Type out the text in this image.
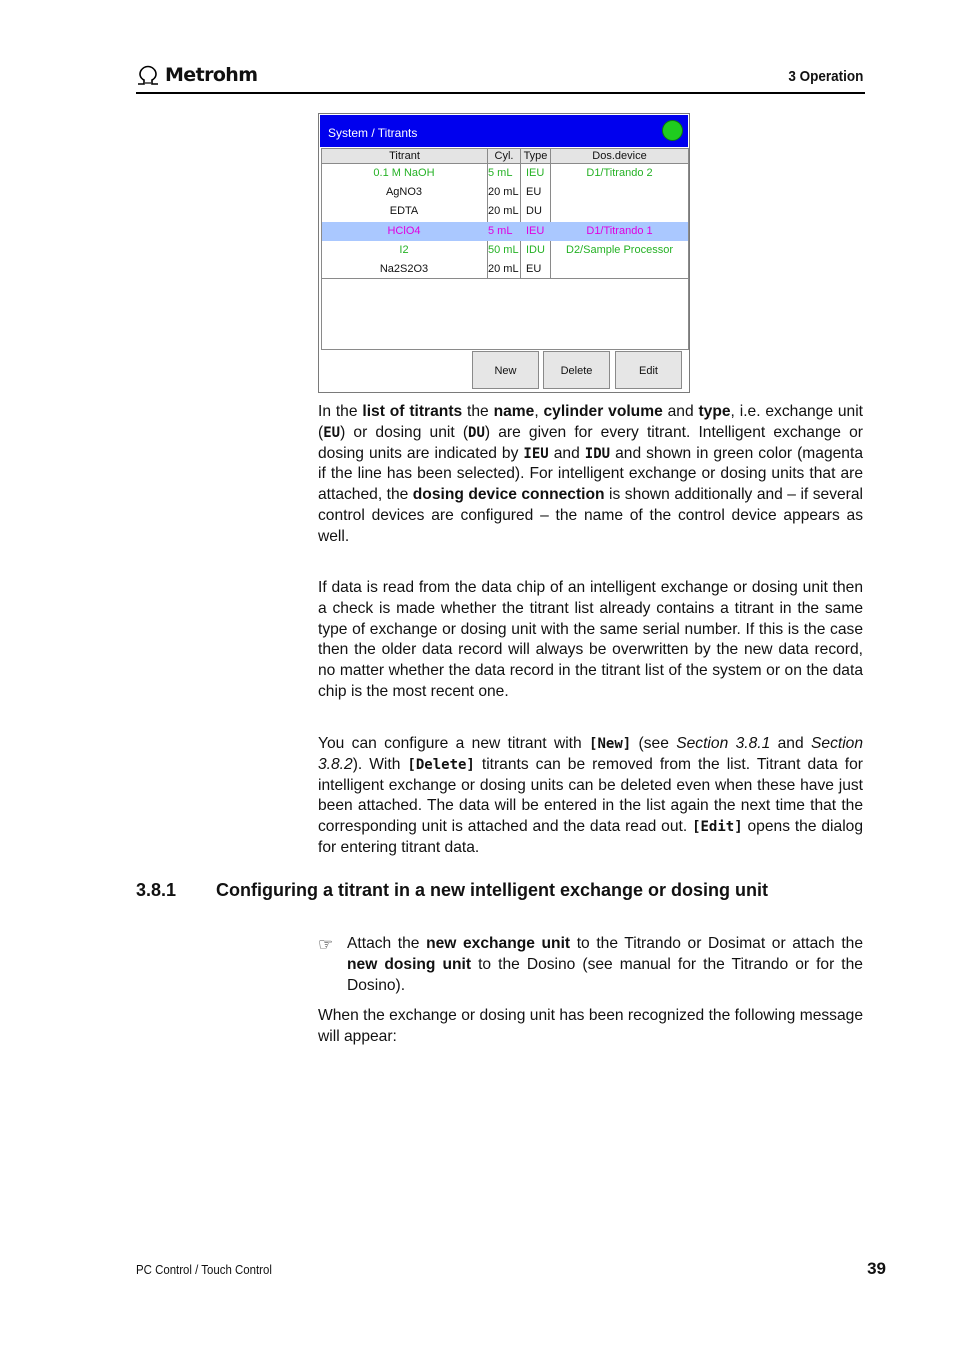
Metrohm	3 Operation
System / Titrants
Titrant	Cyl. Type	Dos.device
0.1 M NaOH	5 mL	IEU	D1/Titrando 2
AgNO3	20 mL EU
EDTA	20 mL DU
HClO4	5 mL	IEU	D1/Titrando 1
I2	50 mL IDU	D2/Sample Processor
Na2S2O3	20 mL EU
New	Delete	Edit
In the list of titrants the name, cylinder volume and type, i.e. exchange unit (EU) or dosing unit (DU) are given for every titrant. Intelligent exchange or dosing units are indicated by IEU and IDU and shown in green color (magenta if the line has been selected). For intelligent exchange or dosing units that are attached, the dosing device connection is shown additionally and – if several control devices are configured – the name of the control device appears as well.
If data is read from the data chip of an intelligent exchange or dosing unit then a check is made whether the titrant list already contains a titrant in the same type of exchange or dosing unit with the same serial number. If this is the case then the older data record will always be overwritten by the new data record, no matter whether the data record in the titrant list of the system or on the data chip is the most recent one.
You can configure a new titrant with [New] (see Section 3.8.1 and Section 3.8.2). With [Delete] titrants can be removed from the list. Titrant data for intelligent exchange or dosing units can be deleted even when these have just been attached. The data will be entered in the list again the next time that the corresponding unit is attached and the data read out. [Edit] opens the dialog for entering titrant data.
3.8.1 Configuring a titrant in a new intelligent exchange or dosing unit
☞ Attach the new exchange unit to the Titrando or Dosimat or attach the new dosing unit to the Dosino (see manual for the Titrando or for the Dosino).
When the exchange or dosing unit has been recognized the following message will appear:
PC Control / Touch Control	39
